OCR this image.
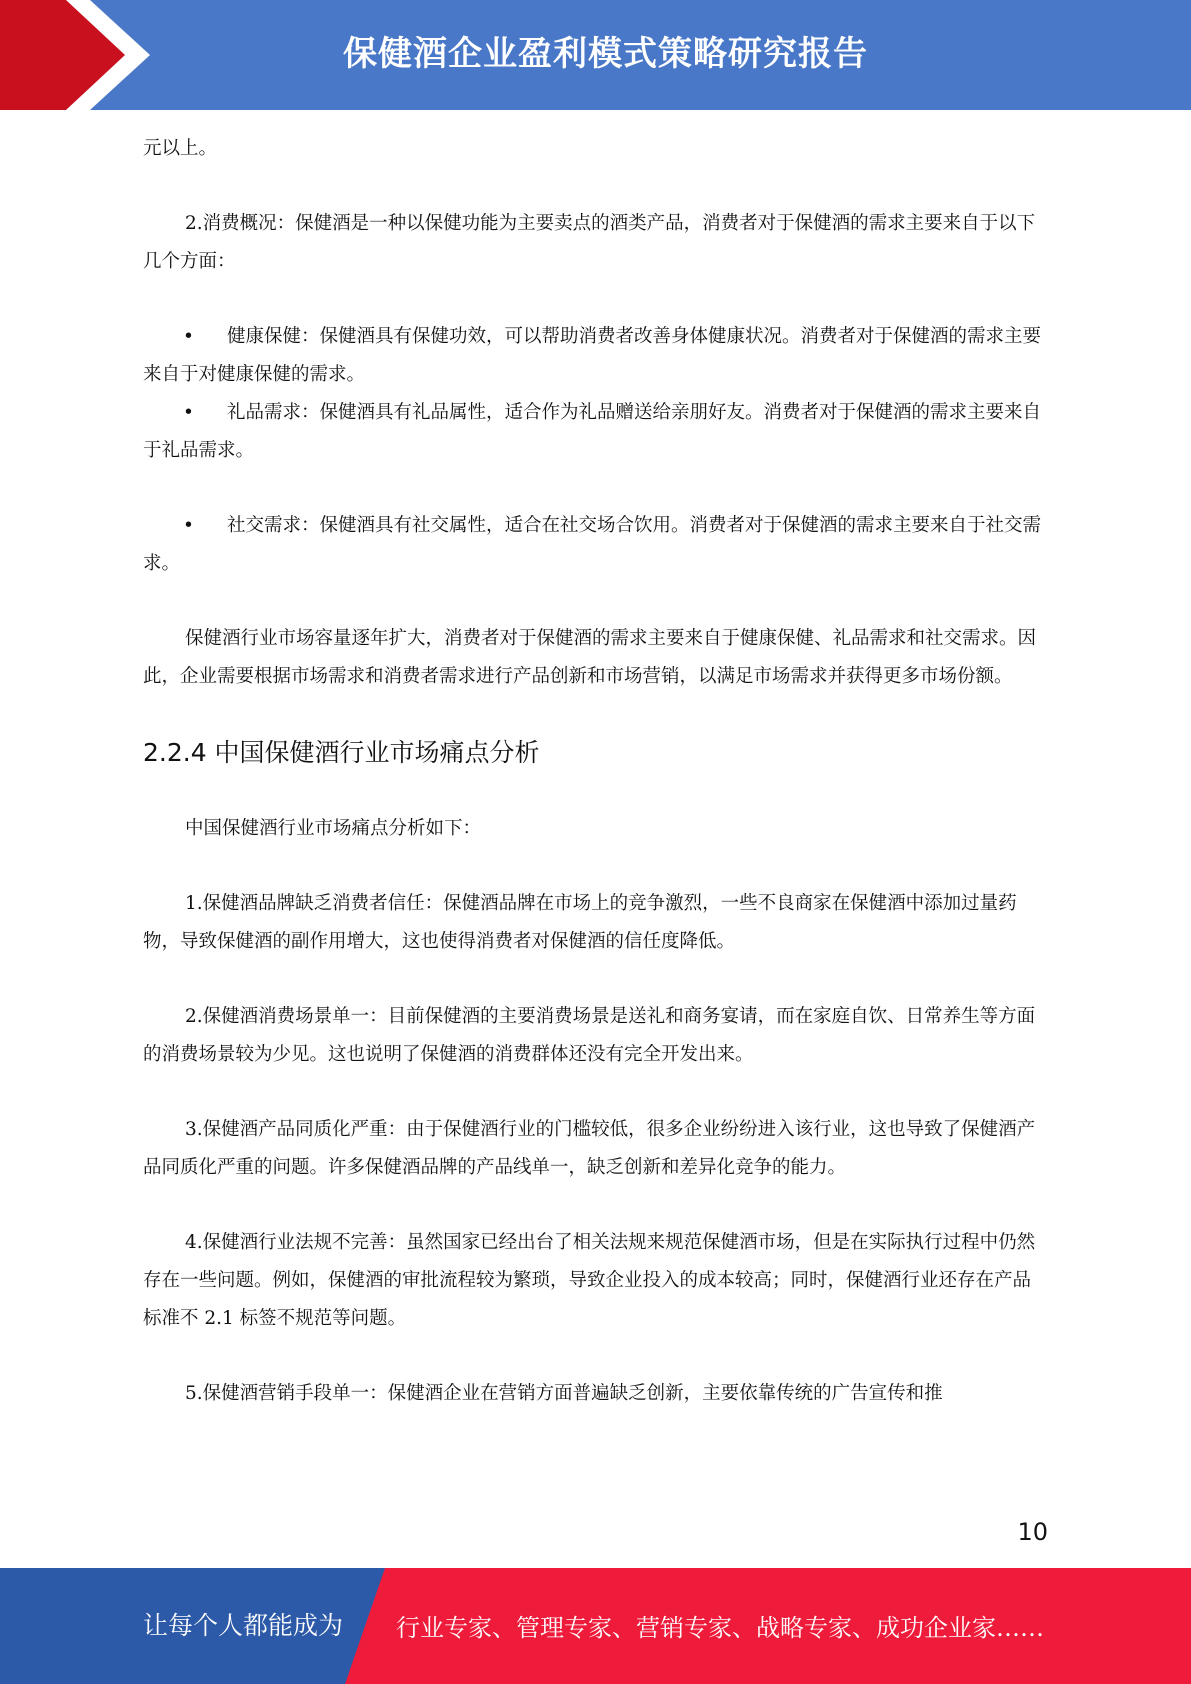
保健酒企业盈利模式策略研究报告

元以上。

2.消费概况：保健酒是一种以保健功能为主要卖点的酒类产品，消费者对于保健酒的需求主要来自于以下几个方面：

• 健康保健：保健酒具有保健功效，可以帮助消费者改善身体健康状况。消费者对于保健酒的需求主要来自于对健康保健的需求。

• 礼品需求：保健酒具有礼品属性，适合作为礼品赠送给亲朋好友。消费者对于保健酒的需求主要来自于礼品需求。

• 社交需求：保健酒具有社交属性，适合在社交场合饮用。消费者对于保健酒的需求主要来自于社交需求。

保健酒行业市场容量逐年扩大，消费者对于保健酒的需求主要来自于健康保健、礼品需求和社交需求。因此，企业需要根据市场需求和消费者需求进行产品创新和市场营销，以满足市场需求并获得更多市场份额。

2.2.4 中国保健酒行业市场痛点分析

中国保健酒行业市场痛点分析如下：

1.保健酒品牌缺乏消费者信任：保健酒品牌在市场上的竞争激烈，一些不良商家在保健酒中添加过量药物，导致保健酒的副作用增大，这也使得消费者对保健酒的信任度降低。

2.保健酒消费场景单一：目前保健酒的主要消费场景是送礼和商务宴请，而在家庭自饮、日常养生等方面的消费场景较为少见。这也说明了保健酒的消费群体还没有完全开发出来。

3.保健酒产品同质化严重：由于保健酒行业的门槛较低，很多企业纷纷进入该行业，这也导致了保健酒产品同质化严重的问题。许多保健酒品牌的产品线单一，缺乏创新和差异化竞争的能力。

4.保健酒行业法规不完善：虽然国家已经出台了相关法规来规范保健酒市场，但是在实际执行过程中仍然存在一些问题。例如，保健酒的审批流程较为繁琐，导致企业投入的成本较高；同时，保健酒行业还存在产品标准不 2.1 标签不规范等问题。

5.保健酒营销手段单一：保健酒企业在营销方面普遍缺乏创新，主要依靠传统的广告宣传和推

10
让每个人都能成为 行业专家、管理专家、营销专家、战略专家、成功企业家……
